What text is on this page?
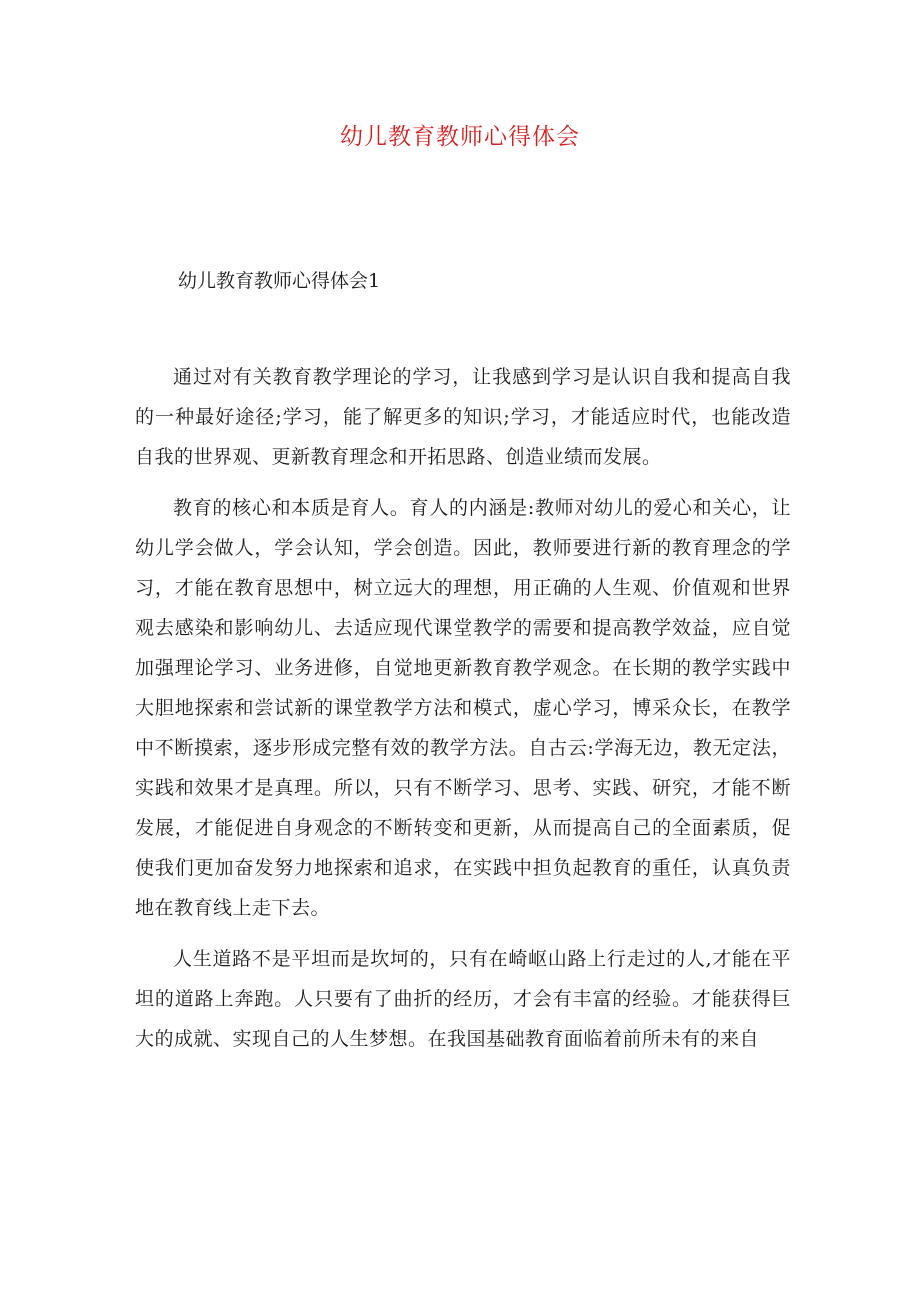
幼儿教育教师心得体会
幼儿教育教师心得体会1

通过对有关教育教学理论的学习，让我感到学习是认识自我和提高自我的一种最好途径;学习，能了解更多的知识;学习，才能适应时代，也能改造自我的世界观、更新教育理念和开拓思路、创造业绩而发展。

教育的核心和本质是育人。育人的内涵是:教师对幼儿的爱心和关心，让幼儿学会做人，学会认知，学会创造。因此，教师要进行新的教育理念的学习，才能在教育思想中，树立远大的理想，用正确的人生观、价值观和世界观去感染和影响幼儿、去适应现代课堂教学的需要和提高教学效益，应自觉加强理论学习、业务进修，自觉地更新教育教学观念。在长期的教学实践中大胆地探索和尝试新的课堂教学方法和模式，虚心学习，博采众长，在教学中不断摸索，逐步形成完整有效的教学方法。自古云:学海无边，教无定法，实践和效果才是真理。所以，只有不断学习、思考、实践、研究，才能不断发展，才能促进自身观念的不断转变和更新，从而提高自己的全面素质，促使我们更加奋发努力地探索和追求，在实践中担负起教育的重任，认真负责地在教育线上走下去。

人生道路不是平坦而是坎坷的，只有在崎岖山路上行走过的人,才能在平坦的道路上奔跑。人只要有了曲折的经历，才会有丰富的经验。才能获得巨大的成就、实现自己的人生梦想。在我国基础教育面临着前所未有的来自
